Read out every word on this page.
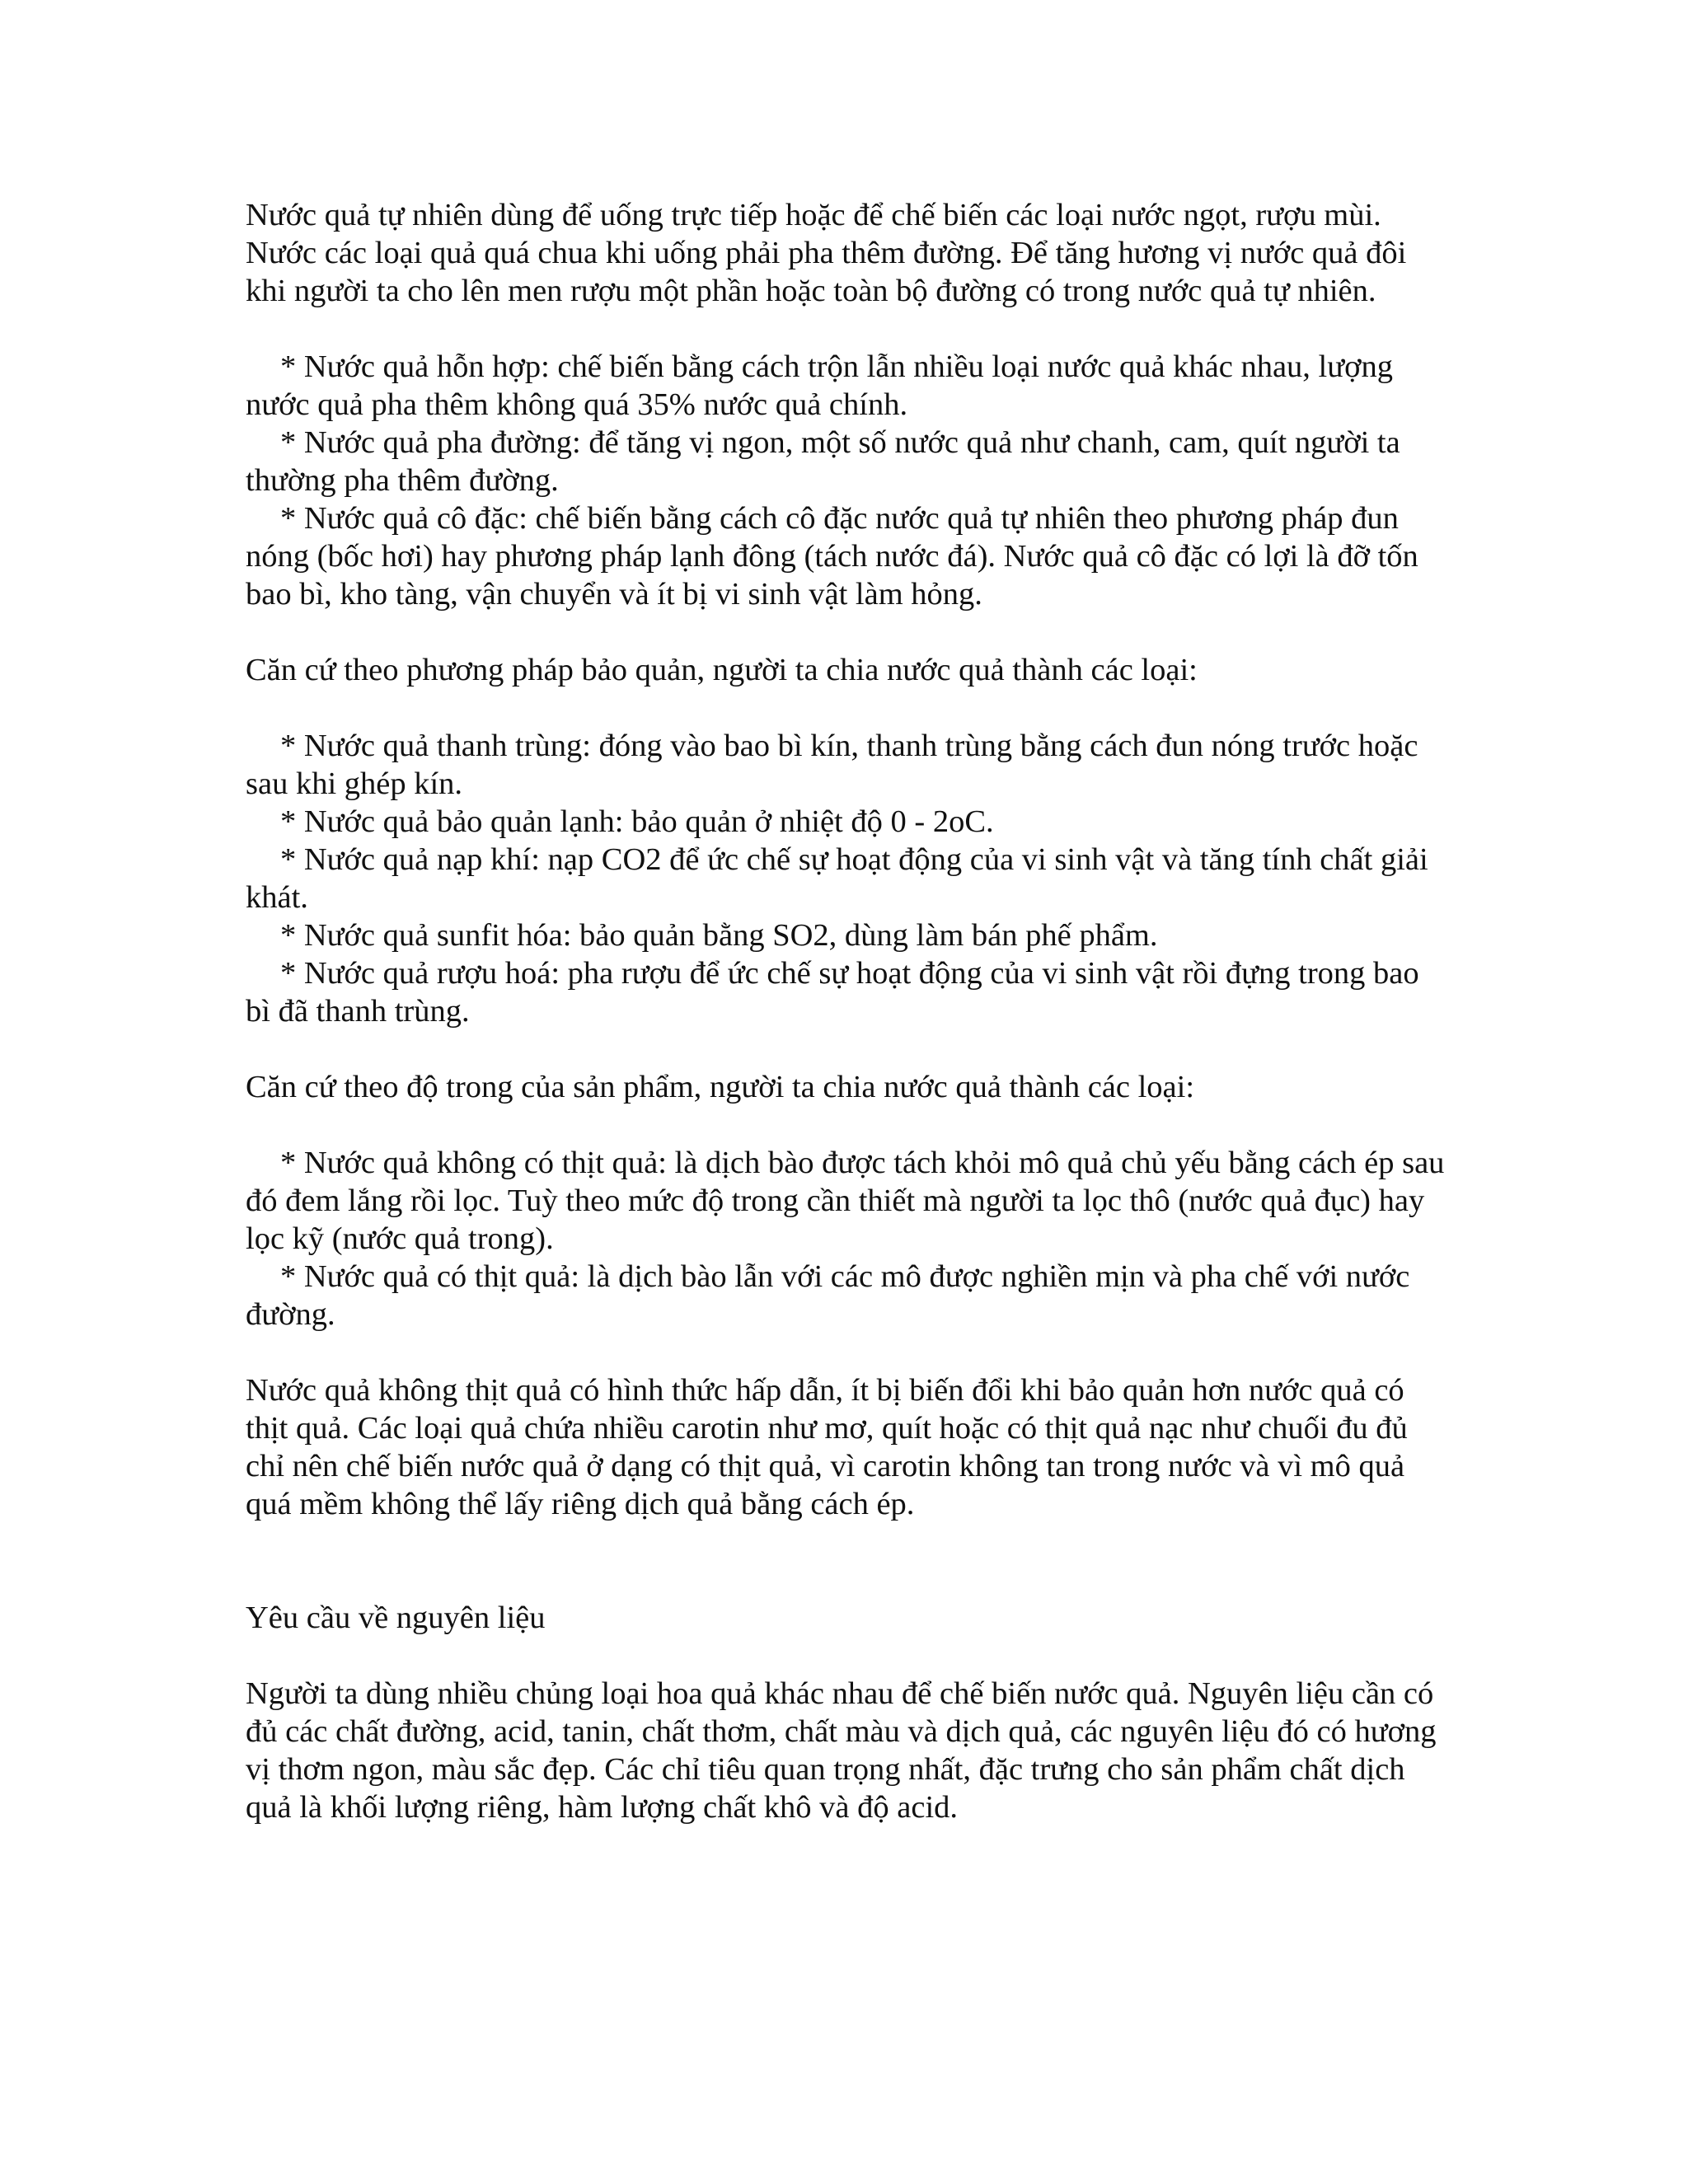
Nước quả tự nhiên dùng để uống trực tiếp hoặc để chế biến các loại nước ngọt, rượu mùi. Nước các loại quả quá chua khi uống phải pha thêm đường. Để tăng hương vị nước quả đôi khi người ta cho lên men rượu một phần hoặc toàn bộ đường có trong nước quả tự nhiên.

* Nước quả hỗn hợp: chế biến bằng cách trộn lẫn nhiều loại nước quả khác nhau, lượng nước quả pha thêm không quá 35% nước quả chính.

* Nước quả pha đường: để tăng vị ngon, một số nước quả như chanh, cam, quít người ta thường pha thêm đường.

* Nước quả cô đặc: chế biến bằng cách cô đặc nước quả tự nhiên theo phương pháp đun nóng (bốc hơi) hay phương pháp lạnh đông (tách nước đá). Nước quả cô đặc có lợi là đỡ tốn bao bì, kho tàng, vận chuyển và ít bị vi sinh vật làm hỏng.

Căn cứ theo phương pháp bảo quản, người ta chia nước quả thành các loại:

* Nước quả thanh trùng: đóng vào bao bì kín, thanh trùng bằng cách đun nóng trước hoặc sau khi ghép kín.

* Nước quả bảo quản lạnh: bảo quản ở nhiệt độ 0 - 2oC.

* Nước quả nạp khí: nạp CO2 để ức chế sự hoạt động của vi sinh vật và tăng tính chất giải khát.

* Nước quả sunfit hóa: bảo quản bằng SO2, dùng làm bán phế phẩm.

* Nước quả rượu hoá: pha rượu để ức chế sự hoạt động của vi sinh vật rồi đựng trong bao bì đã thanh trùng.

Căn cứ theo độ trong của sản phẩm, người ta chia nước quả thành các loại:

* Nước quả không có thịt quả: là dịch bào được tách khỏi mô quả chủ yếu bằng cách ép sau đó đem lắng rồi lọc. Tuỳ theo mức độ trong cần thiết mà người ta lọc thô (nước quả đục) hay lọc kỹ (nước quả trong).

* Nước quả có thịt quả: là dịch bào lẫn với các mô được nghiền mịn và pha chế với nước đường.

Nước quả không thịt quả có hình thức hấp dẫn, ít bị biến đổi khi bảo quản hơn nước quả có thịt quả. Các loại quả chứa nhiều carotin như mơ, quít hoặc có thịt quả nạc như chuối đu đủ chỉ nên chế biến nước quả ở dạng có thịt quả, vì carotin không tan trong nước và vì mô quả quá mềm không thể lấy riêng dịch quả bằng cách ép.

Yêu cầu về nguyên liệu

Người ta dùng nhiều chủng loại hoa quả khác nhau để chế biến nước quả. Nguyên liệu cần có đủ các chất đường, acid, tanin, chất thơm, chất màu và dịch quả, các nguyên liệu đó có hương vị thơm ngon, màu sắc đẹp. Các chỉ tiêu quan trọng nhất, đặc trưng cho sản phẩm chất dịch quả là khối lượng riêng, hàm lượng chất khô và độ acid.
